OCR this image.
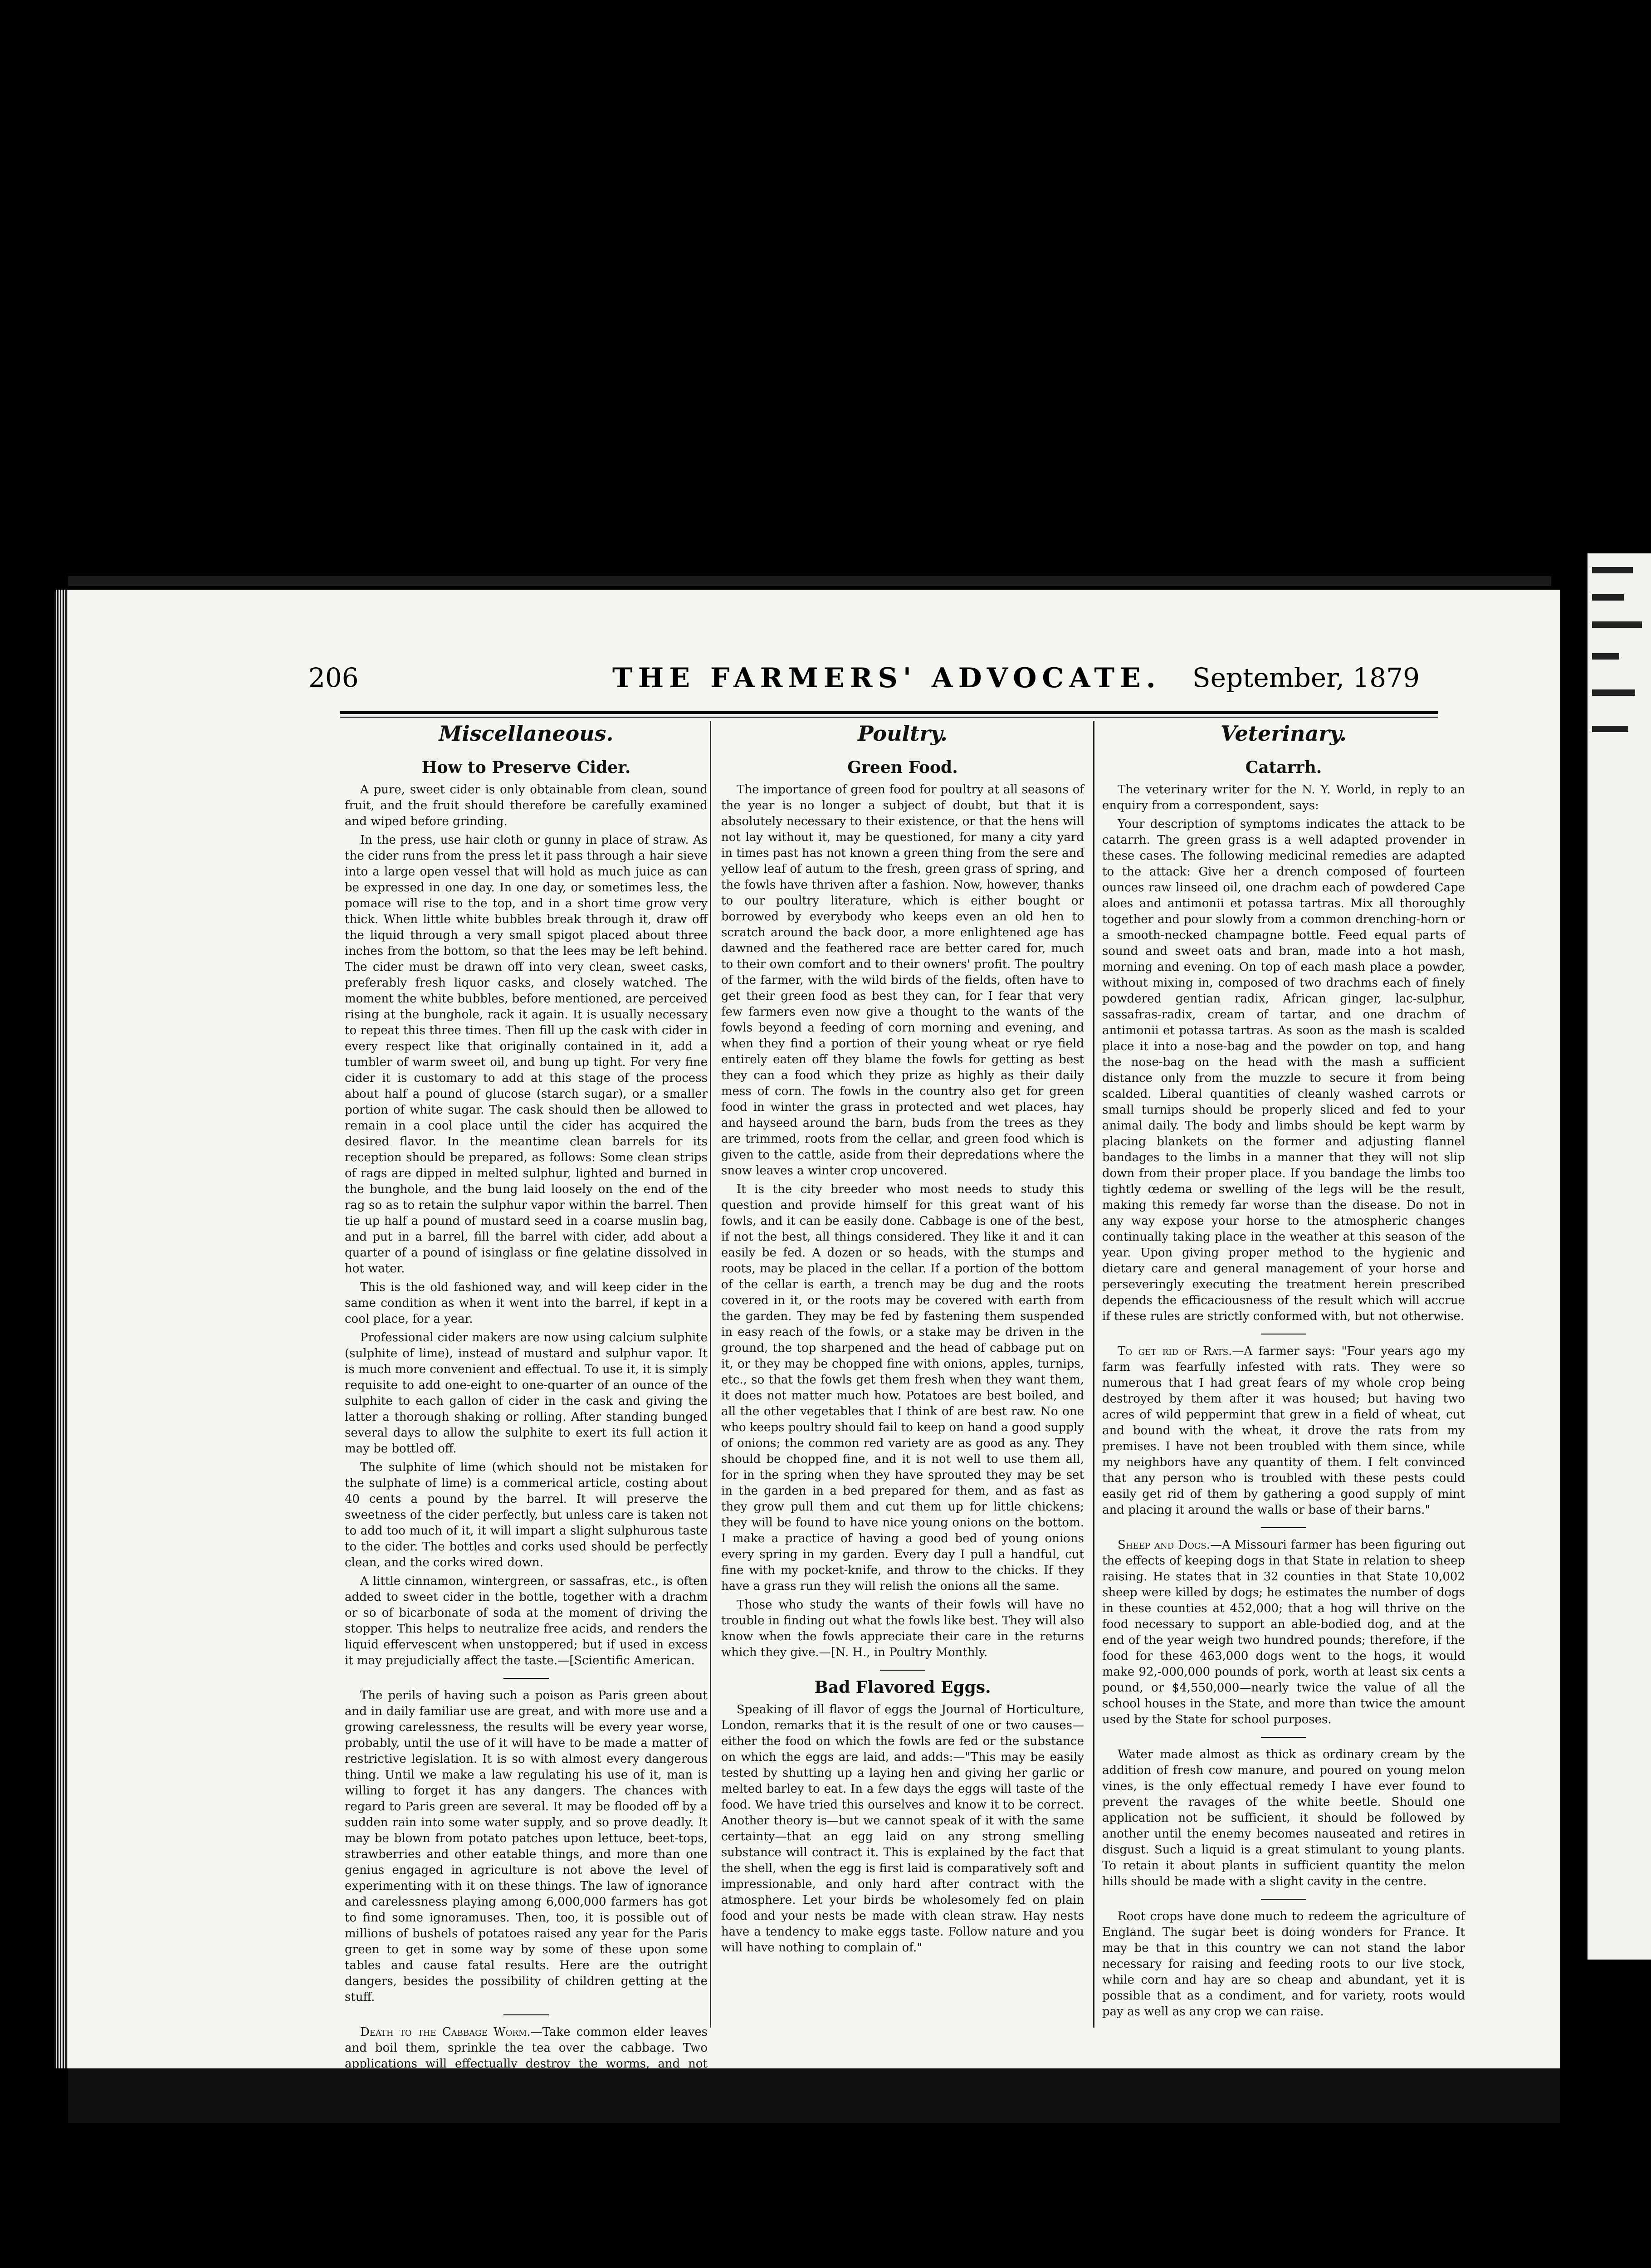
206	THE FARMERS' ADVOCATE. September, 1879
Miscellaneous.
How to Preserve Cider.

A pure, sweet cider is only obtainable from clean, sound fruit, and the fruit should therefore be carefully examined and wiped before grinding.

In the press, use hair cloth or gunny in place of straw. As the cider runs from the press let it pass through a hair sieve into a large open vessel that will hold as much juice as can be expressed in one day. In one day, or sometimes less, the pomace will rise to the top, and in a short time grow very thick. When little white bubbles break through it, draw off the liquid through a very small spigot placed about three inches from the bottom, so that the lees may be left behind. The cider must be drawn off into very clean, sweet casks, preferably fresh liquor casks, and closely watched. The moment the white bubbles, before mentioned, are perceived rising at the bunghole, rack it again. It is usually necessary to repeat this three times. Then fill up the cask with cider in every respect like that originally contained in it, add a tumbler of warm sweet oil, and bung up tight. For very fine cider it is customary to add at this stage of the process about half a pound of glucose (starch sugar), or a smaller portion of white sugar. The cask should then be allowed to remain in a cool place until the cider has acquired the desired flavor. In the meantime clean barrels for its reception should be prepared, as follows: Some clean strips of rags are dipped in melted sulphur, lighted and burned in the bunghole, and the bung laid loosely on the end of the rag so as to retain the sulphur vapor within the barrel. Then tie up half a pound of mustard seed in a coarse muslin bag, and put in a barrel, fill the barrel with cider, add about a quarter of a pound of isinglass or fine gelatine dissolved in hot water.

This is the old fashioned way, and will keep cider in the same condition as when it went into the barrel, if kept in a cool place, for a year.

Professional cider makers are now using calcium sulphite (sulphite of lime), instead of mustard and sulphur vapor. It is much more convenient and effectual. To use it, it is simply requisite to add one-eight to one-quarter of an ounce of the sulphite to each gallon of cider in the cask and giving the latter a thorough shaking or rolling. After standing bunged several days to allow the sulphite to exert its full action it may be bottled off.

The sulphite of lime (which should not be mistaken for the sulphate of lime) is a commerical article, costing about 40 cents a pound by the barrel. It will preserve the sweetness of the cider perfectly, but unless care is taken not to add too much of it, it will impart a slight sulphurous taste to the cider. The bottles and corks used should be perfectly clean, and the corks wired down.

A little cinnamon, wintergreen, or sassafras, etc., is often added to sweet cider in the bottle, together with a drachm or so of bicarbonate of soda at the moment of driving the stopper. This helps to neutralize free acids, and renders the liquid effervescent when unstoppered; but if used in excess it may prejudicially affect the taste.—[Scientific American.

The perils of having such a poison as Paris green about and in daily familiar use are great, and with more use and a growing carelessness, the results will be every year worse, probably, until the use of it will have to be made a matter of restrictive legislation. It is so with almost every dangerous thing. Until we make a law regulating his use of it, man is willing to forget it has any dangers. The chances with regard to Paris green are several. It may be flooded off by a sudden rain into some water supply, and so prove deadly. It may be blown from potato patches upon lettuce, beet-tops, strawberries and other eatable things, and more than one genius engaged in agriculture is not above the level of experimenting with it on these things. The law of ignorance and carelessness playing among 6,000,000 farmers has got to find some ignoramuses. Then, too, it is possible out of millions of bushels of potatoes raised any year for the Paris green to get in some way by some of these upon some tables and cause fatal results. Here are the outright dangers, besides the possibility of children getting at the stuff.

Death to the Cabbage Worm.—Take common elder leaves and boil them, sprinkle the tea over the cabbage. Two applications will effectually destroy the worms, and not injure the plants.

Poultry.
Green Food.

The importance of green food for poultry at all seasons of the year is no longer a subject of doubt, but that it is absolutely necessary to their existence, or that the hens will not lay without it, may be questioned, for many a city yard in times past has not known a green thing from the sere and yellow leaf of autum to the fresh, green grass of spring, and the fowls have thriven after a fashion. Now, however, thanks to our poultry literature, which is either bought or borrowed by everybody who keeps even an old hen to scratch around the back door, a more enlightened age has dawned and the feathered race are better cared for, much to their own comfort and to their owners' profit. The poultry of the farmer, with the wild birds of the fields, often have to get their green food as best they can, for I fear that very few farmers even now give a thought to the wants of the fowls beyond a feeding of corn morning and evening, and when they find a portion of their young wheat or rye field entirely eaten off they blame the fowls for getting as best they can a food which they prize as highly as their daily mess of corn. The fowls in the country also get for green food in winter the grass in protected and wet places, hay and hayseed around the barn, buds from the trees as they are trimmed, roots from the cellar, and green food which is given to the cattle, aside from their depredations where the snow leaves a winter crop uncovered.

It is the city breeder who most needs to study this question and provide himself for this great want of his fowls, and it can be easily done. Cabbage is one of the best, if not the best, all things considered. They like it and it can easily be fed. A dozen or so heads, with the stumps and roots, may be placed in the cellar. If a portion of the bottom of the cellar is earth, a trench may be dug and the roots covered in it, or the roots may be covered with earth from the garden. They may be fed by fastening them suspended in easy reach of the fowls, or a stake may be driven in the ground, the top sharpened and the head of cabbage put on it, or they may be chopped fine with onions, apples, turnips, etc., so that the fowls get them fresh when they want them, it does not matter much how. Potatoes are best boiled, and all the other vegetables that I think of are best raw. No one who keeps poultry should fail to keep on hand a good supply of onions; the common red variety are as good as any. They should be chopped fine, and it is not well to use them all, for in the spring when they have sprouted they may be set in the garden in a bed prepared for them, and as fast as they grow pull them and cut them up for little chickens; they will be found to have nice young onions on the bottom. I make a practice of having a good bed of young onions every spring in my garden. Every day I pull a handful, cut fine with my pocket-knife, and throw to the chicks. If they have a grass run they will relish the onions all the same.

Those who study the wants of their fowls will have no trouble in finding out what the fowls like best. They will also know when the fowls appreciate their care in the returns which they give.—[N. H., in Poultry Monthly.

Bad Flavored Eggs.

Speaking of ill flavor of eggs the Journal of Horticulture, London, remarks that it is the result of one or two causes—either the food on which the fowls are fed or the substance on which the eggs are laid, and adds:—"This may be easily tested by shutting up a laying hen and giving her garlic or melted barley to eat. In a few days the eggs will taste of the food. We have tried this ourselves and know it to be correct. Another theory is—but we cannot speak of it with the same certainty—that an egg laid on any strong smelling substance will contract it. This is explained by the fact that the shell, when the egg is first laid is comparatively soft and impressionable, and only hard after contract with the atmosphere. Let your birds be wholesomely fed on plain food and your nests be made with clean straw. Hay nests have a tendency to make eggs taste. Follow nature and you will have nothing to complain of."

Veterinary.
Catarrh.

The veterinary writer for the N. Y. World, in reply to an enquiry from a correspondent, says:

Your description of symptoms indicates the attack to be catarrh. The green grass is a well adapted provender in these cases. The following medicinal remedies are adapted to the attack: Give her a drench composed of fourteen ounces raw linseed oil, one drachm each of powdered Cape aloes and antimonii et potassa tartras. Mix all thoroughly together and pour slowly from a common drenching-horn or a smooth-necked champagne bottle. Feed equal parts of sound and sweet oats and bran, made into a hot mash, morning and evening. On top of each mash place a powder, without mixing in, composed of two drachms each of finely powdered gentian radix, African ginger, lac-sulphur, sassafras-radix, cream of tartar, and one drachm of antimonii et potassa tartras. As soon as the mash is scalded place it into a nose-bag and the powder on top, and hang the nose-bag on the head with the mash a sufficient distance only from the muzzle to secure it from being scalded. Liberal quantities of cleanly washed carrots or small turnips should be properly sliced and fed to your animal daily. The body and limbs should be kept warm by placing blankets on the former and adjusting flannel bandages to the limbs in a manner that they will not slip down from their proper place. If you bandage the limbs too tightly œdema or swelling of the legs will be the result, making this remedy far worse than the disease. Do not in any way expose your horse to the atmospheric changes continually taking place in the weather at this season of the year. Upon giving proper method to the hygienic and dietary care and general management of your horse and perseveringly executing the treatment herein prescribed depends the efficaciousness of the result which will accrue if these rules are strictly conformed with, but not otherwise.

To get rid of Rats.—A farmer says: "Four years ago my farm was fearfully infested with rats. They were so numerous that I had great fears of my whole crop being destroyed by them after it was housed; but having two acres of wild peppermint that grew in a field of wheat, cut and bound with the wheat, it drove the rats from my premises. I have not been troubled with them since, while my neighbors have any quantity of them. I felt convinced that any person who is troubled with these pests could easily get rid of them by gathering a good supply of mint and placing it around the walls or base of their barns."

Sheep and Dogs.—A Missouri farmer has been figuring out the effects of keeping dogs in that State in relation to sheep raising. He states that in 32 counties in that State 10,002 sheep were killed by dogs; he estimates the number of dogs in these counties at 452,000; that a hog will thrive on the food necessary to support an able-bodied dog, and at the end of the year weigh two hundred pounds; therefore, if the food for these 463,000 dogs went to the hogs, it would make 92,-000,000 pounds of pork, worth at least six cents a pound, or $4,550,000—nearly twice the value of all the school houses in the State, and more than twice the amount used by the State for school purposes.

Water made almost as thick as ordinary cream by the addition of fresh cow manure, and poured on young melon vines, is the only effectual remedy I have ever found to prevent the ravages of the white beetle. Should one application not be sufficient, it should be followed by another until the enemy becomes nauseated and retires in disgust. Such a liquid is a great stimulant to young plants. To retain it about plants in sufficient quantity the melon hills should be made with a slight cavity in the centre.

Root crops have done much to redeem the agriculture of England. The sugar beet is doing wonders for France. It may be that in this country we can not stand the labor necessary for raising and feeding roots to our live stock, while corn and hay are so cheap and abundant, yet it is possible that as a condiment, and for variety, roots would pay as well as any crop we can raise.
